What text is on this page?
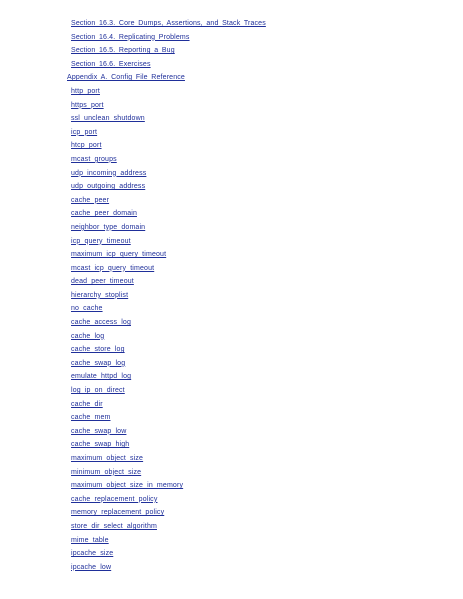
Section 16.3. Core Dumps, Assertions, and Stack Traces
Section 16.4. Replicating Problems
Section 16.5. Reporting a Bug
Section 16.6. Exercises
Appendix A. Config File Reference
http_port
https_port
ssl_unclean_shutdown
icp_port
htcp_port
mcast_groups
udp_incoming_address
udp_outgoing_address
cache_peer
cache_peer_domain
neighbor_type_domain
icp_query_timeout
maximum_icp_query_timeout
mcast_icp_query_timeout
dead_peer_timeout
hierarchy_stoplist
no_cache
cache_access_log
cache_log
cache_store_log
cache_swap_log
emulate_httpd_log
log_ip_on_direct
cache_dir
cache_mem
cache_swap_low
cache_swap_high
maximum_object_size
minimum_object_size
maximum_object_size_in_memory
cache_replacement_policy
memory_replacement_policy
store_dir_select_algorithm
mime_table
ipcache_size
ipcache_low
